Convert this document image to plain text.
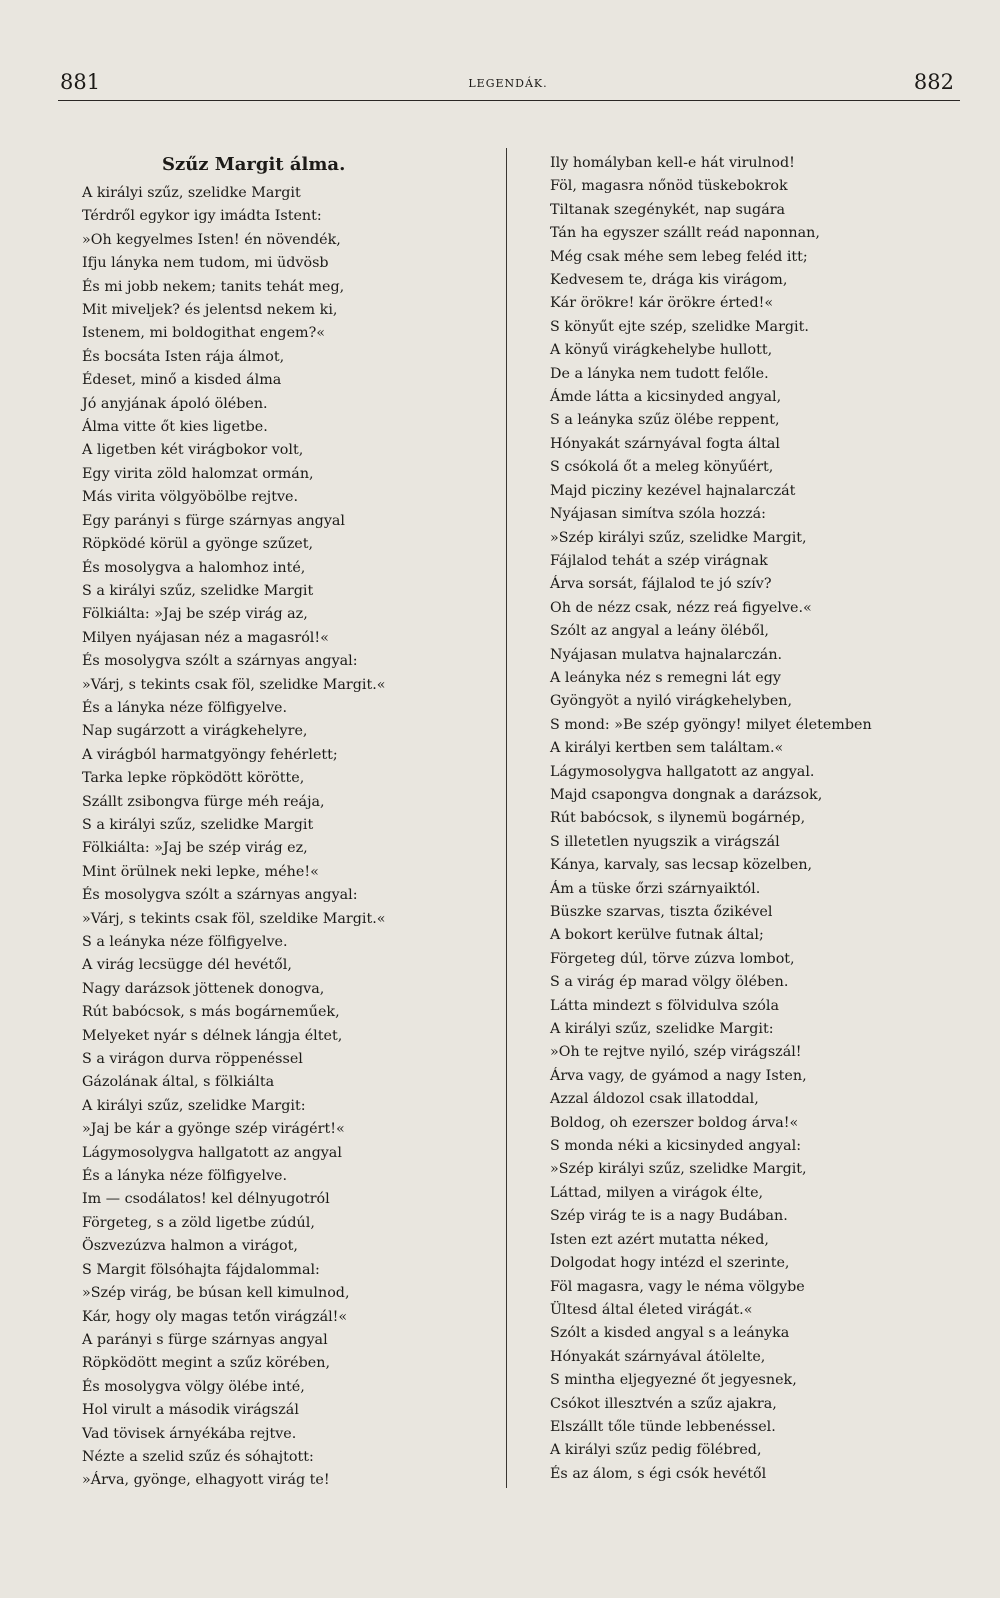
881	LEGENDÁK.	882
Szűz Margit álma.
A királyi szűz, szelidke Margit
Térdről egykor igy imádta Istent:
»Oh kegyelmes Isten! én növendék,
Ifju lányka nem tudom, mi üdvösb
És mi jobb nekem; tanits tehát meg,
Mit miveljek? és jelentsd nekem ki,
Istenem, mi boldogithat engem?«
És bocsáta Isten rája álmot,
Édeset, minő a kisded álma
Jó anyjának ápoló ölében.
Álma vitte őt kies ligetbe.
A ligetben két virágbokor volt,
Egy virita zöld halomzat ormán,
Más virita völgyöbölbe rejtve.
Egy parányi s fürge szárnyas angyal
Röpködé körül a gyönge szűzet,
És mosolygva a halomhoz inté,
S a királyi szűz, szelidke Margit
Fölkiálta: »Jaj be szép virág az,
Milyen nyájasan néz a magasról!«
És mosolygva szólt a szárnyas angyal:
»Várj, s tekints csak föl, szelidke Margit.«
És a lányka néze fölfigyelve.
Nap sugárzott a virágkehelyre,
A virágból harmatgyöngy fehérlett;
Tarka lepke röpködött körötte,
Szállt zsibongva fürge méh reája,
S a királyi szűz, szelidke Margit
Fölkiálta: »Jaj be szép virág ez,
Mint örülnek neki lepke, méhe!«
És mosolygva szólt a szárnyas angyal:
»Várj, s tekints csak föl, szeldike Margit.«
S a leányka néze fölfigyelve.
A virág lecsüggе dél hevétől,
Nagy darázsok jöttenek donogva,
Rút babócsok, s más bogárneműek,
Melyeket nyár s délnek lángja éltet,
S a virágon durva röppenéssel
Gázolának által, s fölkiálta
A királyi szűz, szelidke Margit:
»Jaj be kár a gyönge szép virágért!«
Lágymosolygva hallgatott az angyal
És a lányka néze fölfigyelve.
Im — csodálatos! kel délnyugotról
Förgeteg, s a zöld ligetbe zúdúl,
Öszvezúzva halmon a virágot,
S Margit fölsóhajta fájdalommal:
»Szép virág, be búsan kell kimulnod,
Kár, hogy oly magas tetőn virágzál!«
A parányi s fürge szárnyas angyal
Röpködött megint a szűz körében,
És mosolygva völgy ölébe inté,
Hol virult a második virágszál
Vad tövisek árnyékába rejtve.
Nézte a szelid szűz és sóhajtott:
»Árva, gyönge, elhagyott virág te!
Ily homályban kell-e hát virulnod!
Föl, magasra nőnöd tüskebokrok
Tiltanak szegénykét, nap sugára
Tán ha egyszer szállt reád naponnan,
Még csak méhe sem lebeg feléd itt;
Kedvesem te, drága kis virágom,
Kár örökre! kár örökre érted!«
S könyűt ejte szép, szelidke Margit.
A könyű virágkehelybe hullott,
De a lányka nem tudott felőle.
Ámde látta a kicsinyded angyal,
S a leányka szűz ölébe reppent,
Hónyakát szárnyával fogta által
S csókolá őt a meleg könyűért,
Majd picziny kezével hajnalarczát
Nyájasan simítva szóla hozzá:
»Szép királyi szűz, szelidke Margit,
Fájlalod tehát a szép virágnak
Árva sorsát, fájlalod te jó szív?
Oh de nézz csak, nézz reá figyelve.«
Szólt az angyal a leány öléből,
Nyájasan mulatva hajnalarczán.
A leányka néz s remegni lát egy
Gyöngyöt a nyiló virágkehelyben,
S mond: »Be szép gyöngy! milyet életemben
A királyi kertben sem találtam.«
Lágymosolygva hallgatott az angyal.
Majd csapongva dongnak a darázsok,
Rút babócsok, s ilynemü bogárnép,
S illetetlen nyugszik a virágszál
Kánya, karvaly, sas lecsap közelben,
Ám a tüske őrzi szárnyaiktól.
Büszke szarvas, tiszta őzikével
A bokort kerülve futnak által;
Förgeteg dúl, törve zúzva lombot,
S a virág ép marad völgy ölében.
Látta mindezt s fölvidulva szóla
A királyi szűz, szelidke Margit:
»Oh te rejtve nyiló, szép virágszál!
Árva vagy, de gyámod a nagy Isten,
Azzal áldozol csak illatoddal,
Boldog, oh ezerszer boldog árva!«
S monda néki a kicsinyded angyal:
»Szép királyi szűz, szelidke Margit,
Láttad, milyen a virágok élte,
Szép virág te is a nagy Budában.
Isten ezt azért mutatta néked,
Dolgodat hogy intézd el szerinte,
Föl magasra, vagy le néma völgybe
Ültesd által életed virágát.«
Szólt a kisded angyal s a leányka
Hónyakát szárnyával átölelte,
S mintha eljegyezné őt jegyesnek,
Csókot illesztvén a szűz ajakra,
Elszállt tőle tünde lebbenéssel.
A királyi szűz pedig fölébred,
És az álom, s égi csók hevétől
